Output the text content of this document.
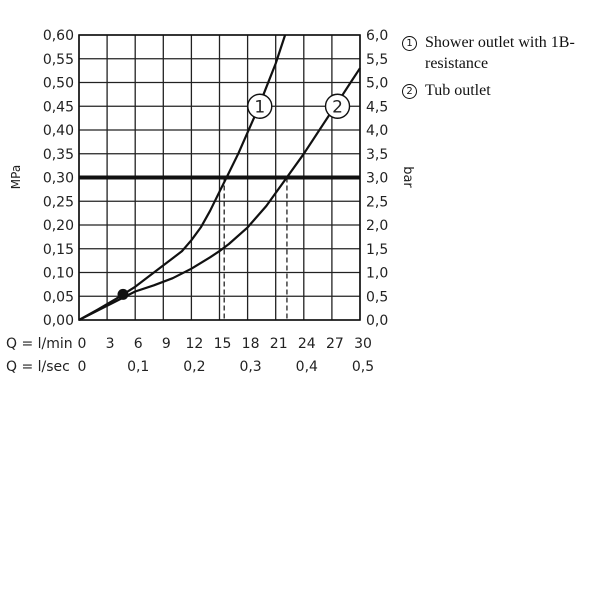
1	2
0,00
0,05
0,10
0,15
0,20
0,25
0,30
0,35
0,40
0,45
0,50
0,55
0,60
0,0
0,5
1,0
1,5
2,0
2,5
3,0
3,5
4,0
4,5
5,0
5,5
6,0
0 3 6 9 12 15 18 21 24 27 30
0	0,1 0,2 0,3 0,4 0,5
MPa	bar
Q = l/min
Q = l/sec
1 Shower outlet with 1B-resistance
2 Tub outlet
